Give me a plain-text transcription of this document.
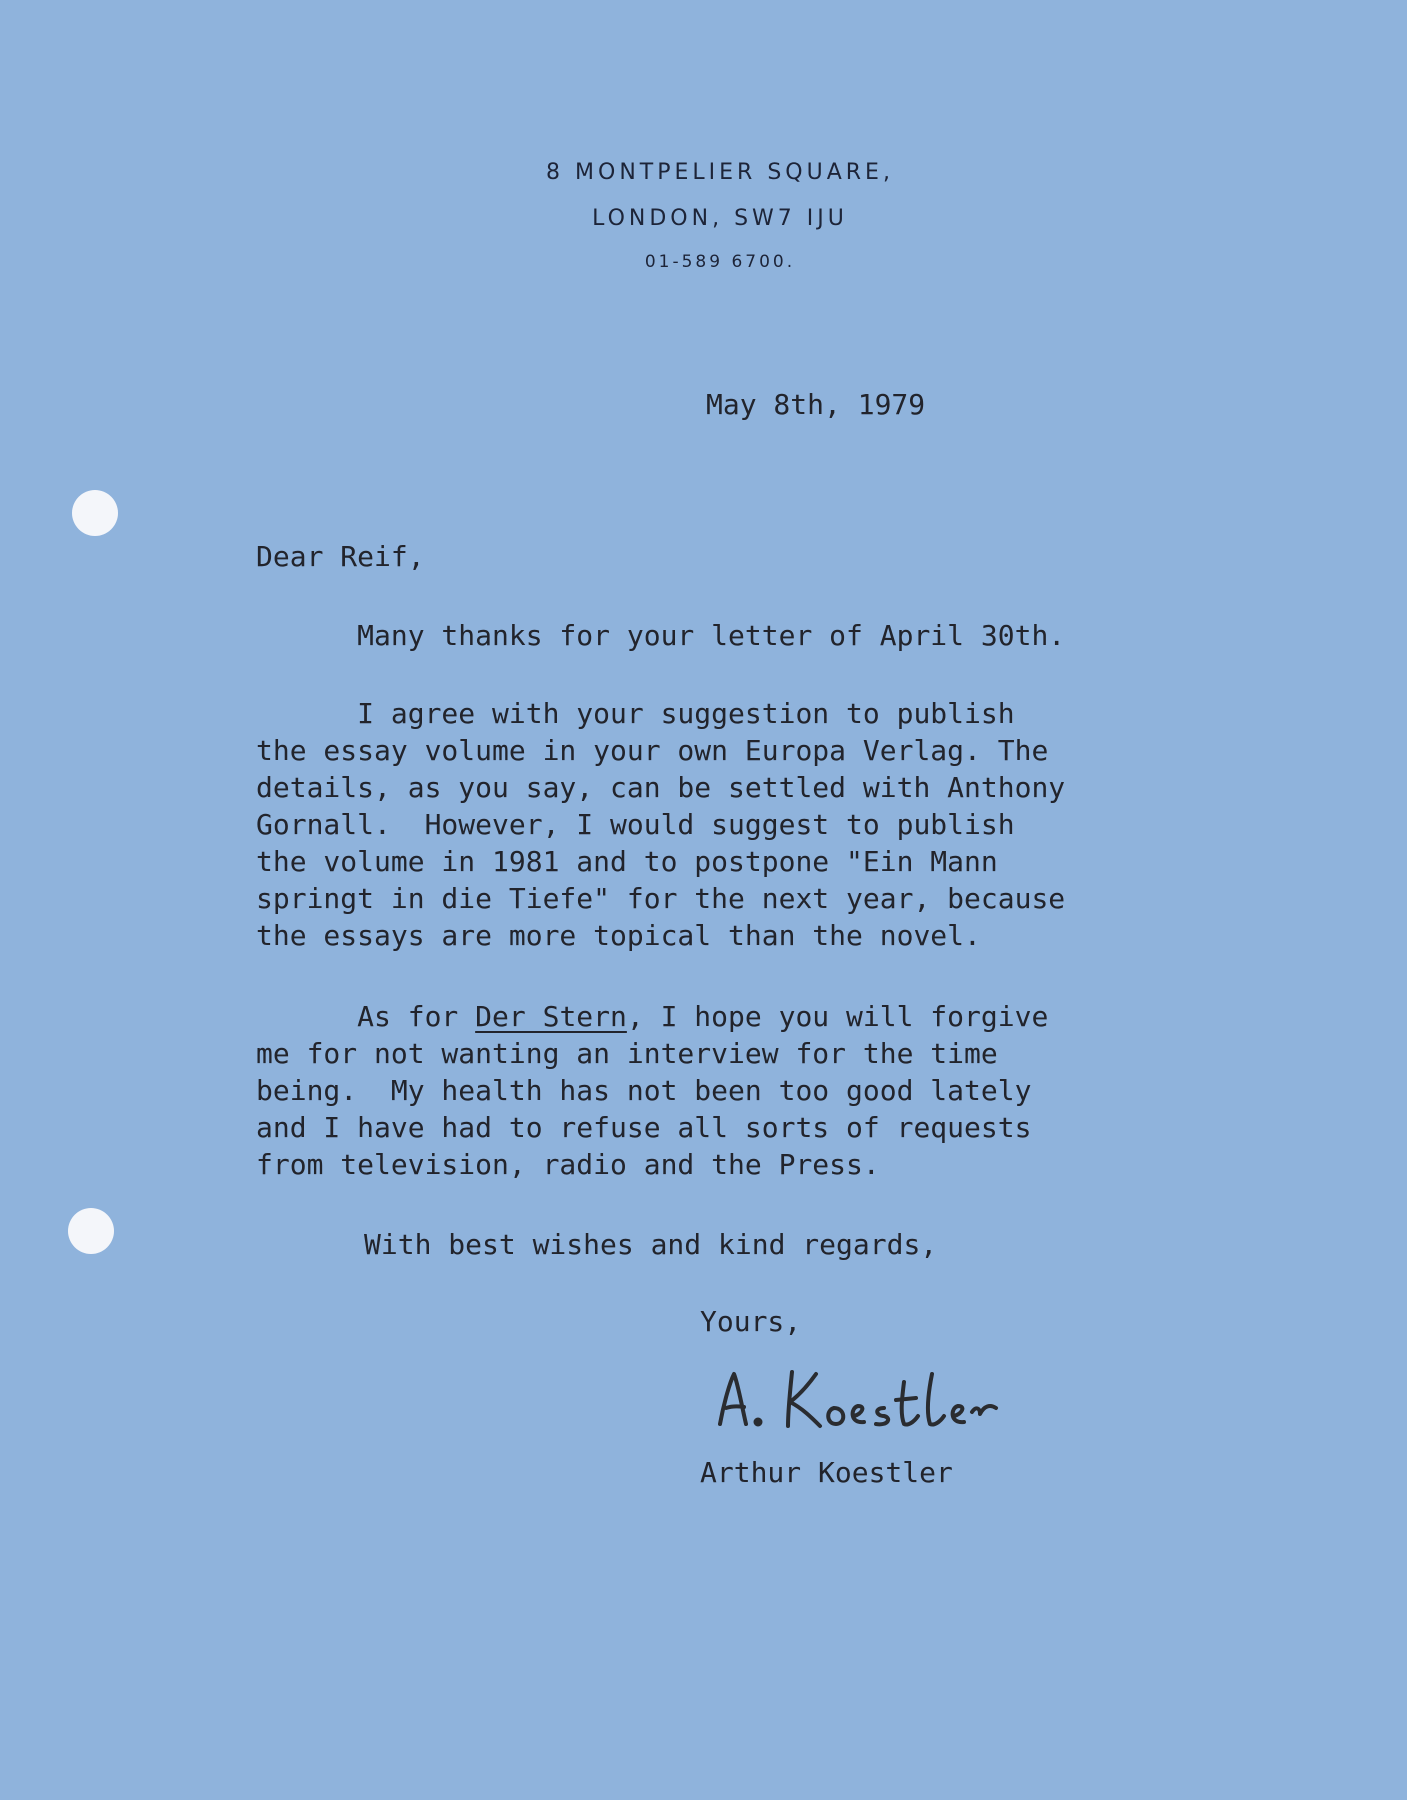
8 MONTPELIER SQUARE,
LONDON, SW7 IJU
01-589 6700.
May 8th, 1979
Dear Reif,
Many thanks for your letter of April 30th.
I agree with your suggestion to publish
the essay volume in your own Europa Verlag. The
details, as you say, can be settled with Anthony
Gornall.  However, I would suggest to publish
the volume in 1981 and to postpone "Ein Mann
springt in die Tiefe" for the next year, because
the essays are more topical than the novel.
As for Der Stern, I hope you will forgive
me for not wanting an interview for the time
being.  My health has not been too good lately
and I have had to refuse all sorts of requests
from television, radio and the Press.
With best wishes and kind regards,
Yours,
Arthur Koestler
